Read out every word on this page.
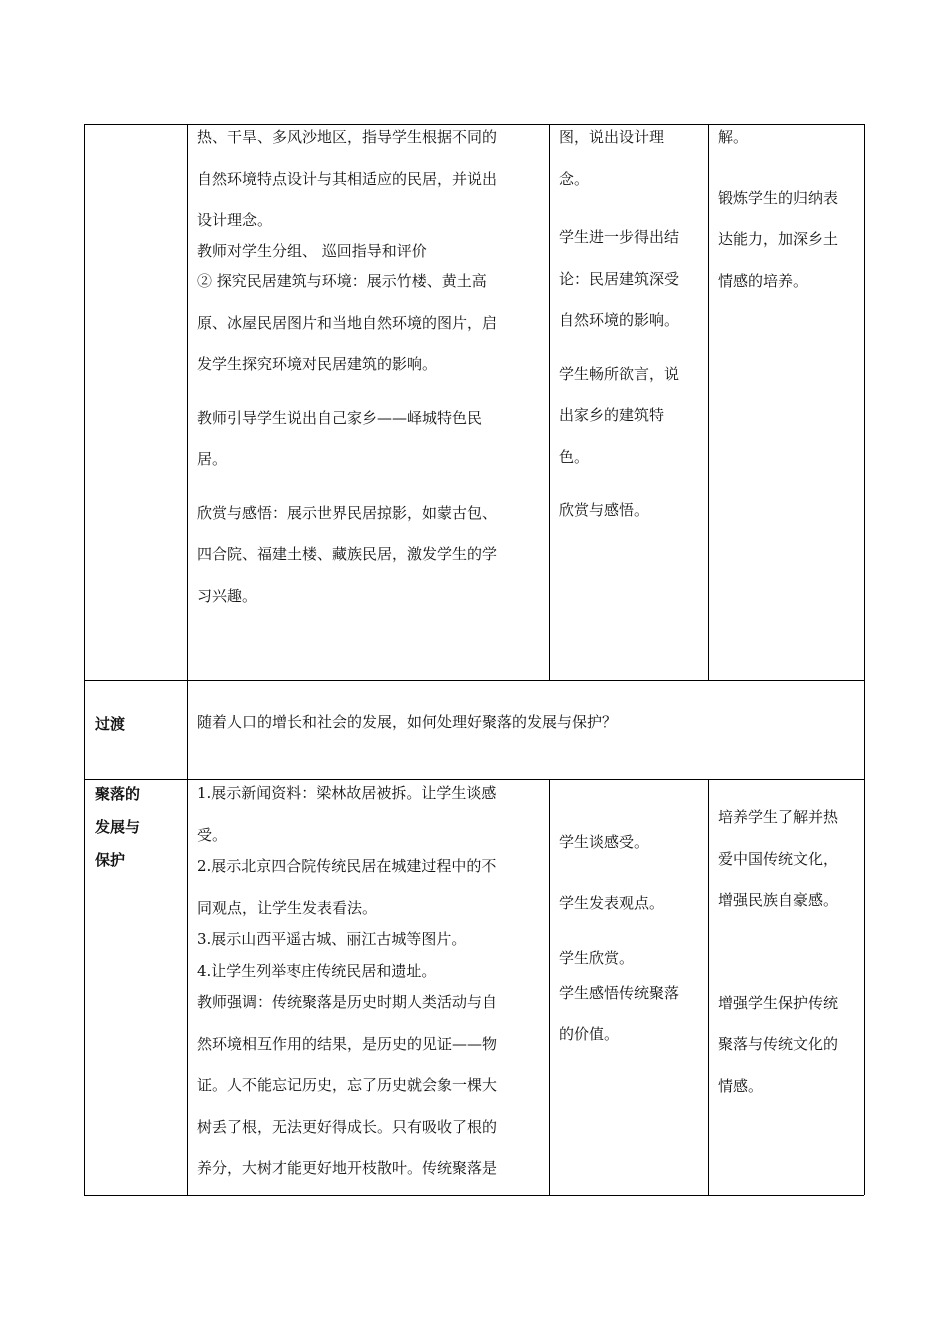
热、干旱、多风沙地区，指导学生根据不同的

自然环境特点设计与其相适应的民居，并说出

设计理念。

教师对学生分组、 巡回指导和评价

② 探究民居建筑与环境：展示竹楼、黄土高

原、冰屋民居图片和当地自然环境的图片，启

发学生探究环境对民居建筑的影响。

教师引导学生说出自己家乡——峄城特色民

居。

欣赏与感悟：展示世界民居掠影，如蒙古包、

四合院、福建土楼、藏族民居，激发学生的学

习兴趣。

图，说出设计理

念。

学生进一步得出结

论：民居建筑深受

自然环境的影响。

学生畅所欲言，说

出家乡的建筑特

色。

欣赏与感悟。

解。

锻炼学生的归纳表

达能力，加深乡土

情感的培养。

过渡	随着人口的增长和社会的发展，如何处理好聚落的发展与保护？

聚落的

发展与

保护

1.展示新闻资料：梁林故居被拆。让学生谈感

受。

2.展示北京四合院传统民居在城建过程中的不

同观点，让学生发表看法。

3.展示山西平遥古城、丽江古城等图片。

4.让学生列举枣庄传统民居和遗址。

教师强调：传统聚落是历史时期人类活动与自

然环境相互作用的结果，是历史的见证——物

证。人不能忘记历史，忘了历史就会象一棵大

树丢了根，无法更好得成长。只有吸收了根的

养分，大树才能更好地开枝散叶。传统聚落是

学生谈感受。

学生发表观点。

学生欣赏。

学生感悟传统聚落

的价值。

培养学生了解并热

爱中国传统文化，

增强民族自豪感。

增强学生保护传统

聚落与传统文化的

情感。
